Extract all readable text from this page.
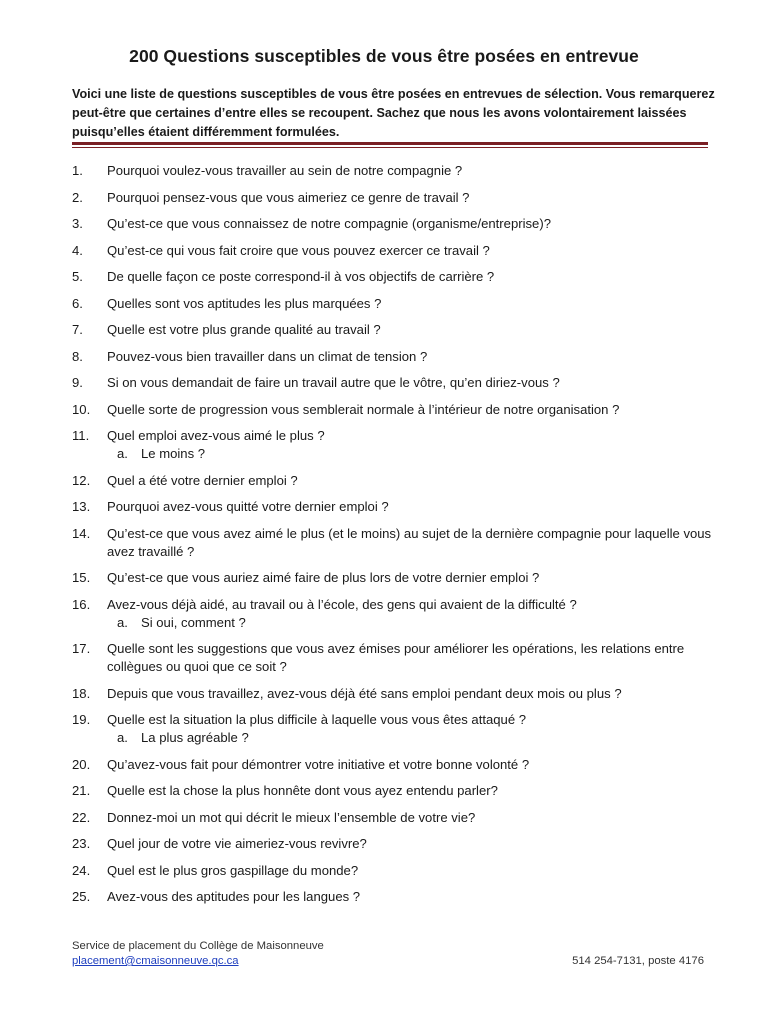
200 Questions susceptibles de vous être posées en entrevue
Voici une liste de questions susceptibles de vous être posées en entrevues de sélection. Vous remarquerez peut-être que certaines d’entre elles se recoupent. Sachez que nous les avons volontairement laissées puisqu’elles étaient différemment formulées.
1.	Pourquoi voulez-vous travailler au sein de notre compagnie ?
2.	Pourquoi pensez-vous que vous aimeriez ce genre de travail ?
3.	Qu’est-ce que vous connaissez de notre compagnie (organisme/entreprise)?
4.	Qu’est-ce qui vous fait croire que vous pouvez exercer ce travail ?
5.	De quelle façon ce poste correspond-il à vos objectifs de carrière ?
6.	Quelles sont vos aptitudes les plus marquées ?
7.	Quelle est votre plus grande qualité au travail ?
8.	Pouvez-vous bien travailler dans un climat de tension ?
9.	Si on vous demandait de faire un travail autre que le vôtre, qu’en diriez-vous ?
10.	Quelle sorte de progression vous semblerait normale à l’intérieur de notre organisation ?
11.	Quel emploi avez-vous aimé le plus ?
a. Le moins ?
12.	Quel a été votre dernier emploi ?
13.	Pourquoi avez-vous quitté votre dernier emploi ?
14.	Qu’est-ce que vous avez aimé le plus (et le moins) au sujet de la dernière compagnie pour laquelle vous avez travaillé ?
15.	Qu’est-ce que vous auriez aimé faire de plus lors de votre dernier emploi ?
16.	Avez-vous déjà aidé, au travail ou à l’école, des gens qui avaient de la difficulté ?
a. Si oui, comment ?
17.	Quelle sont les suggestions que vous avez émises pour améliorer les opérations, les relations entre collègues ou quoi que ce soit ?
18.	Depuis que vous travaillez, avez-vous déjà été sans emploi pendant deux mois ou plus ?
19.	Quelle est la situation la plus difficile à laquelle vous vous êtes attaqué ?
a. La plus agréable ?
20.	Qu’avez-vous fait pour démontrer votre initiative et votre bonne volonté ?
21.	Quelle est la chose la plus honnête dont vous ayez entendu parler?
22.	Donnez-moi un mot qui décrit le mieux l’ensemble de votre vie?
23.	Quel jour de votre vie aimeriez-vous revivre?
24.	Quel est le plus gros gaspillage du monde?
25.	Avez-vous des aptitudes pour les langues ?
Service de placement du Collège de Maisonneuve
placement@cmaisonneuve.qc.ca	514 254-7131, poste 4176
